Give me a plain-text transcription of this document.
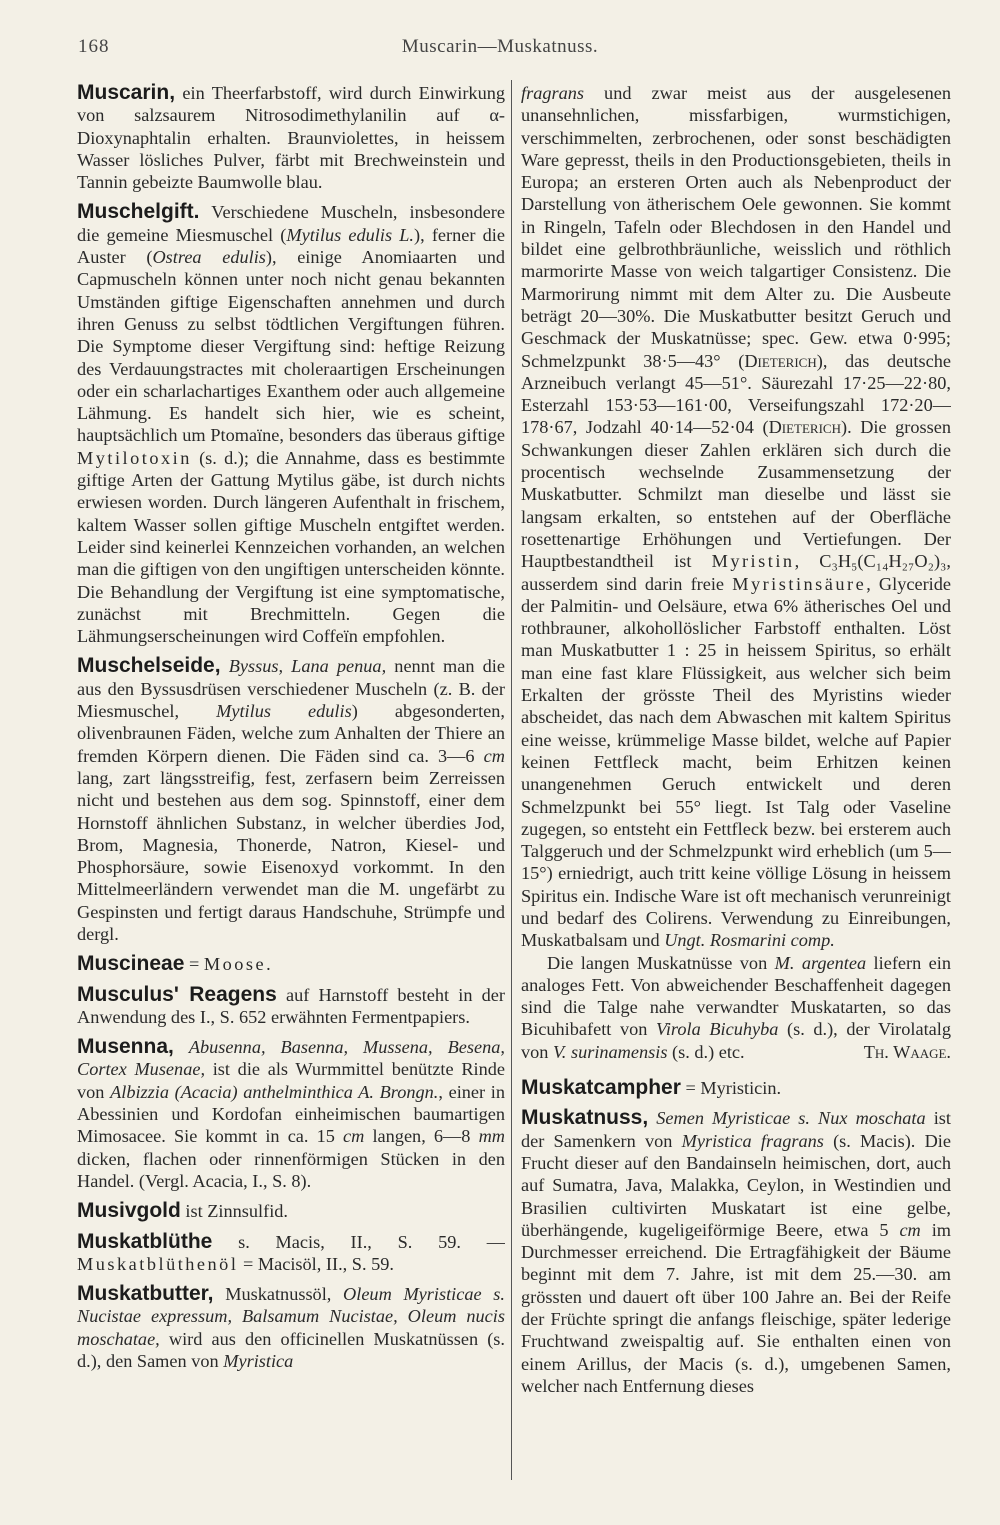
168	Muscarin—Muskatnuss.

Muscarin, ein Theerfarbstoff, wird durch Einwirkung von salzsaurem Nitrosodimethylanilin auf α-Dioxynaphtalin erhalten. Braunviolettes, in heissem Wasser lösliches Pulver, färbt mit Brechweinstein und Tannin gebeizte Baumwolle blau.

Muschelgift. Verschiedene Muscheln, insbesondere die gemeine Miesmuschel (Mytilus edulis L.), ferner die Auster (Ostrea edulis), einige Anomiaarten und Capmuscheln können unter noch nicht genau bekannten Umständen giftige Eigenschaften annehmen und durch ihren Genuss zu selbst tödtlichen Vergiftungen führen. Die Symptome dieser Vergiftung sind: heftige Reizung des Verdauungstractes mit choleraartigen Erscheinungen oder ein scharlachartiges Exanthem oder auch allgemeine Lähmung. Es handelt sich hier, wie es scheint, hauptsächlich um Ptomaïne, besonders das überaus giftige Mytilotoxin (s. d.); die Annahme, dass es bestimmte giftige Arten der Gattung Mytilus gäbe, ist durch nichts erwiesen worden. Durch längeren Aufenthalt in frischem, kaltem Wasser sollen giftige Muscheln entgiftet werden. Leider sind keinerlei Kennzeichen vorhanden, an welchen man die giftigen von den ungiftigen unterscheiden könnte. Die Behandlung der Vergiftung ist eine symptomatische, zunächst mit Brechmitteln. Gegen die Lähmungserscheinungen wird Coffeïn empfohlen.

Muschelseide, Byssus, Lana penua, nennt man die aus den Byssusdrüsen verschiedener Muscheln (z. B. der Miesmuschel, Mytilus edulis) abgesonderten, olivenbraunen Fäden, welche zum Anhalten der Thiere an fremden Körpern dienen. Die Fäden sind ca. 3—6 cm lang, zart längsstreifig, fest, zerfasern beim Zerreissen nicht und bestehen aus dem sog. Spinnstoff, einer dem Hornstoff ähnlichen Substanz, in welcher überdies Jod, Brom, Magnesia, Thonerde, Natron, Kiesel- und Phosphorsäure, sowie Eisenoxyd vorkommt. In den Mittelmeerländern verwendet man die M. ungefärbt zu Gespinsten und fertigt daraus Handschuhe, Strümpfe und dergl.

Muscineae = Moose.

Musculus' Reagens auf Harnstoff besteht in der Anwendung des I., S. 652 erwähnten Fermentpapiers.

Musenna, Abusenna, Basenna, Mussena, Besena, Cortex Musenae, ist die als Wurmmittel benützte Rinde von Albizzia (Acacia) anthelminthica A. Brongn., einer in Abessinien und Kordofan einheimischen baumartigen Mimosacee. Sie kommt in ca. 15 cm langen, 6—8 mm dicken, flachen oder rinnenförmigen Stücken in den Handel. (Vergl. Acacia, I., S. 8).

Musivgold ist Zinnsulfid.

Muskatblüthe s. Macis, II., S. 59. — Muskatblüthenöl = Macisöl, II., S. 59.

Muskatbutter, Muskatnussöl, Oleum Myristicae s. Nucistae expressum, Balsamum Nucistae, Oleum nucis moschatae, wird aus den officinellen Muskatnüssen (s. d.), den Samen von Myristica

fragrans und zwar meist aus der ausgelesenen unansehnlichen, missfarbigen, wurmstichigen, verschimmelten, zerbrochenen, oder sonst beschädigten Ware gepresst, theils in den Productionsgebieten, theils in Europa; an ersteren Orten auch als Nebenproduct der Darstellung von ätherischem Oele gewonnen. Sie kommt in Ringeln, Tafeln oder Blechdosen in den Handel und bildet eine gelbrothbräunliche, weisslich und röthlich marmorirte Masse von weich talgartiger Consistenz. Die Marmorirung nimmt mit dem Alter zu. Die Ausbeute beträgt 20—30%. Die Muskatbutter besitzt Geruch und Geschmack der Muskatnüsse; spec. Gew. etwa 0·995; Schmelzpunkt 38·5—43° (Dieterich), das deutsche Arzneibuch verlangt 45—51°. Säurezahl 17·25—22·80, Esterzahl 153·53—161·00, Verseifungszahl 172·20—178·67, Jodzahl 40·14—52·04 (Dieterich). Die grossen Schwankungen dieser Zahlen erklären sich durch die procentisch wechselnde Zusammensetzung der Muskatbutter. Schmilzt man dieselbe und lässt sie langsam erkalten, so entstehen auf der Oberfläche rosettenartige Erhöhungen und Vertiefungen. Der Hauptbestandtheil ist Myristin, C₃H₅(C₁₄H₂₇O₂)₃, ausserdem sind darin freie Myristinsäure, Glyceride der Palmitin- und Oelsäure, etwa 6% ätherisches Oel und rothbrauner, alkohollöslicher Farbstoff enthalten. Löst man Muskatbutter 1 : 25 in heissem Spiritus, so erhält man eine fast klare Flüssigkeit, aus welcher sich beim Erkalten der grösste Theil des Myristins wieder abscheidet, das nach dem Abwaschen mit kaltem Spiritus eine weisse, krümmelige Masse bildet, welche auf Papier keinen Fettfleck macht, beim Erhitzen keinen unangenehmen Geruch entwickelt und deren Schmelzpunkt bei 55° liegt. Ist Talg oder Vaseline zugegen, so entsteht ein Fettfleck bezw. bei ersterem auch Talggeruch und der Schmelzpunkt wird erheblich (um 5—15°) erniedrigt, auch tritt keine völlige Lösung in heissem Spiritus ein. Indische Ware ist oft mechanisch verunreinigt und bedarf des Colirens. Verwendung zu Einreibungen, Muskatbalsam und Ungt. Rosmarini comp.

Die langen Muskatnüsse von M. argentea liefern ein analoges Fett. Von abweichender Beschaffenheit dagegen sind die Talge nahe verwandter Muskatarten, so das Bicuhibafett von Virola Bicuhyba (s. d.), der Virolatalg von V. surinamensis (s. d.) etc.	Th. Waage.

Muskatcampher = Myristicin.

Muskatnuss, Semen Myristicae s. Nux moschata ist der Samenkern von Myristica fragrans (s. Macis). Die Frucht dieser auf den Bandainseln heimischen, dort, auch auf Sumatra, Java, Malakka, Ceylon, in Westindien und Brasilien cultivirten Muskatart ist eine gelbe, überhängende, kugeligeiförmige Beere, etwa 5 cm im Durchmesser erreichend. Die Ertragfähigkeit der Bäume beginnt mit dem 7. Jahre, ist mit dem 25.—30. am grössten und dauert oft über 100 Jahre an. Bei der Reife der Früchte springt die anfangs fleischige, später lederige Fruchtwand zweispaltig auf. Sie enthalten einen von einem Arillus, der Macis (s. d.), umgebenen Samen, welcher nach Entfernung dieses
